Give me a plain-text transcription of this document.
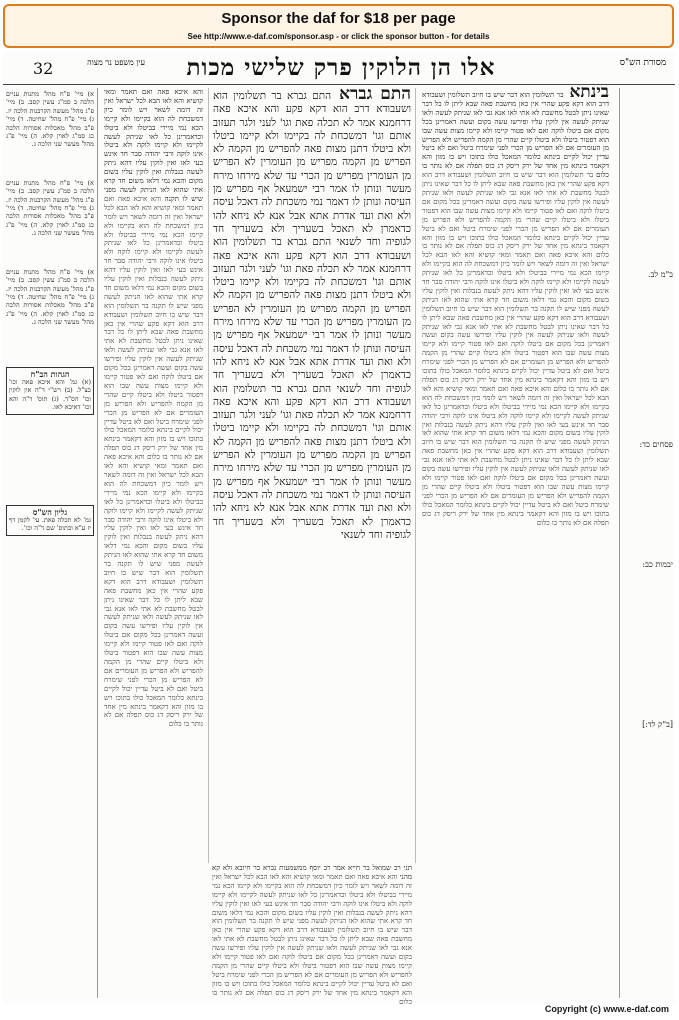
Sponsor the daf for $18 per page
See http://www.e-daf.com/sponsor.asp - or click the sponsor button - for details
מסורת הש"ס
אלו הן הלוקין פרק שלישי מכות
עין משפט נר מצוה
32
ב"מ לב.
פסחים כד:
יבמות כב:
[ב"ק לד:]
בינתא בר תשלומין הוא דבר שיש בו חיוב תשלומין ושעבודא דרב הוא דקא פקע שהרי אין כאן מחשבת פאה שבא ליתן לו כל דבר שאינו ניתן לבטל מחשבת לא אתי לאו אנא גבי לאו שניתק לעשה ולאו שניתק לעשה אין לוקין עליו ופירשו עשה בקום ועשה דאמרינן בכל מקום אם ביטלו לוקה ואם לאו פטור קיימו ולא קיימו מצות עשה שבו הוא דפטור ביטלו ולא ביטלו קיים שהרי מן הקמה להפריש ולא הפריש מן העומרים אם לא הפריש מן הכרי לפני שימרח ביטל ואם לא ביטל עדיין יכול לקיים בינתא כלומר המאכל כולו בתוכו ויש בו מזון והא דקאמר בינתא מין אחד של ירק ריסק דג כוס תפלה אם לא נותר בו כלום בר תשלומין הוא דבר שיש בו חיוב תשלומין ושעבודא דרב הוא דקא פקע שהרי אין כאן מחשבת פאה שבא ליתן לו כל דבר שאינו ניתן לבטל מחשבת לא אתי לאו אנא גבי לאו שניתק לעשה ולאו שניתק לעשה אין לוקין עליו ופירשו עשה בקום ועשה דאמרינן בכל מקום אם ביטלו לוקה ואם לאו פטור קיימו ולא קיימו מצות עשה שבו הוא דפטור ביטלו ולא ביטלו קיים שהרי מן הקמה להפריש ולא הפריש מן העומרים אם לא הפריש מן הכרי לפני שימרח ביטל ואם לא ביטל עדיין יכול לקיים בינתא כלומר המאכל כולו בתוכו ויש בו מזון והא דקאמר בינתא מין אחד של ירק ריסק דג כוס תפלה אם לא נותר בו כלום והא איכא פאה ואם תאמר ומאי קושיא והא לאו הבא לכל ישראל ואין זה דומה לשאר ויש לומר כיון דמשכחת לה הוא בקיימו ולא קיימו הכא נמי מיירי בביטלו ולא ביטלו וכדאמרינן כל לאו שניתק לעשה לקיימו ולא קיימו לוקה ולא ביטלו אינו לוקה ורבי יהודה סבר חד אינש בעי לאו ואין לוקין עליו דהא ניתק לעשה בנבלות ואין לוקין עליו בשום מקום והכא נמי דלאו משום חד קרא אתי שהוא לאו הניתק לעשה מפני שיש לו תקנה בר תשלומין הוא דבר שיש בו חיוב תשלומין ושעבודא דרב הוא דקא פקע שהרי אין כאן מחשבת פאה שבא ליתן לו כל דבר שאינו ניתן לבטל מחשבת לא אתי לאו אנא גבי לאו שניתק לעשה ולאו שניתק לעשה אין לוקין עליו ופירשו עשה בקום ועשה דאמרינן בכל מקום אם ביטלו לוקה ואם לאו פטור קיימו ולא קיימו מצות עשה שבו הוא דפטור ביטלו ולא ביטלו קיים שהרי מן הקמה להפריש ולא הפריש מן העומרים אם לא הפריש מן הכרי לפני שימרח ביטל ואם לא ביטל עדיין יכול לקיים בינתא כלומר המאכל כולו בתוכו ויש בו מזון והא דקאמר בינתא מין אחד של ירק ריסק דג כוס תפלה אם לא נותר בו כלום והא איכא פאה ואם תאמר ומאי קושיא והא לאו הבא לכל ישראל ואין זה דומה לשאר ויש לומר כיון דמשכחת לה הוא בקיימו ולא קיימו הכא נמי מיירי בביטלו ולא ביטלו וכדאמרינן כל לאו שניתק לעשה לקיימו ולא קיימו לוקה ולא ביטלו אינו לוקה ורבי יהודה סבר חד אינש בעי לאו ואין לוקין עליו דהא ניתק לעשה בנבלות ואין לוקין עליו בשום מקום והכא נמי דלאו משום חד קרא אתי שהוא לאו הניתק לעשה מפני שיש לו תקנה בר תשלומין הוא דבר שיש בו חיוב תשלומין ושעבודא דרב הוא דקא פקע שהרי אין כאן מחשבת פאה שבא ליתן לו כל דבר שאינו ניתן לבטל מחשבת לא אתי לאו אנא גבי לאו שניתק לעשה ולאו שניתק לעשה אין לוקין עליו ופירשו עשה בקום ועשה דאמרינן בכל מקום אם ביטלו לוקה ואם לאו פטור קיימו ולא קיימו מצות עשה שבו הוא דפטור ביטלו ולא ביטלו קיים שהרי מן הקמה להפריש ולא הפריש מן העומרים אם לא הפריש מן הכרי לפני שימרח ביטל ואם לא ביטל עדיין יכול לקיים בינתא כלומר המאכל כולו בתוכו ויש בו מזון והא דקאמר בינתא מין אחד של ירק ריסק דג כוס תפלה אם לא נותר בו כלום
התם גברא התם גברא בר תשלומין הוא ושעבודא דרב הוא דקא פקע והא איכא פאה דרחמנא אמר לא תכלה פאת וגו' לעני ולגר תעזוב אותם וגו' דמשכחת לה בקיימו ולא קיימו ביטלו ולא ביטלו דתנן מצות פאה להפריש מן הקמה לא הפריש מן הקמה מפריש מן העומרין לא הפריש מן העומרין מפריש מן הכרי עד שלא מירחו מירח מעשר ונותן לו אמר רבי ישמעאל אף מפריש מן העיסה ונותן לו דאמר נמי משכחת לה דאכל עיסה ולא ואת ועד אדרת אתא אבל אנא לא ניחא להו כדאמרן לא תאכל בשעריך ולא בשעריך חד לגופיה וחד לשנאי התם גברא בר תשלומין הוא ושעבודא דרב הוא דקא פקע והא איכא פאה דרחמנא אמר לא תכלה פאת וגו' לעני ולגר תעזוב אותם וגו' דמשכחת לה בקיימו ולא קיימו ביטלו ולא ביטלו דתנן מצות פאה להפריש מן הקמה לא הפריש מן הקמה מפריש מן העומרין לא הפריש מן העומרין מפריש מן הכרי עד שלא מירחו מירח מעשר ונותן לו אמר רבי ישמעאל אף מפריש מן העיסה ונותן לו דאמר נמי משכחת לה דאכל עיסה ולא ואת ועד אדרת אתא אבל אנא לא ניחא להו כדאמרן לא תאכל בשעריך ולא בשעריך חד לגופיה וחד לשנאי התם גברא בר תשלומין הוא ושעבודא דרב הוא דקא פקע והא איכא פאה דרחמנא אמר לא תכלה פאת וגו' לעני ולגר תעזוב אותם וגו' דמשכחת לה בקיימו ולא קיימו ביטלו ולא ביטלו דתנן מצות פאה להפריש מן הקמה לא הפריש מן הקמה מפריש מן העומרין לא הפריש מן העומרין מפריש מן הכרי עד שלא מירחו מירח מעשר ונותן לו אמר רבי ישמעאל אף מפריש מן העיסה ונותן לו דאמר נמי משכחת לה דאכל עיסה ולא ואת ועד אדרת אתא אבל אנא לא ניחא להו כדאמרן לא תאכל בשעריך ולא בשעריך חד לגופיה וחד לשנאי
תני רב שמואל בר חייא אמר רב יוסף ממשמעות גברא בר חיובא ולא קא מהני והא איכא פאה ואם תאמר ומאי קושיא והא לאו הבא לכל ישראל ואין זה דומה לשאר ויש לומר כיון דמשכחת לה הוא בקיימו ולא קיימו הכא נמי מיירי בביטלו ולא ביטלו וכדאמרינן כל לאו שניתק לעשה לקיימו ולא קיימו לוקה ולא ביטלו אינו לוקה ורבי יהודה סבר חד אינש בעי לאו ואין לוקין עליו דהא ניתק לעשה בנבלות ואין לוקין עליו בשום מקום והכא נמי דלאו משום חד קרא אתי שהוא לאו הניתק לעשה מפני שיש לו תקנה בר תשלומין הוא דבר שיש בו חיוב תשלומין ושעבודא דרב הוא דקא פקע שהרי אין כאן מחשבת פאה שבא ליתן לו כל דבר שאינו ניתן לבטל מחשבת לא אתי לאו אנא גבי לאו שניתק לעשה ולאו שניתק לעשה אין לוקין עליו ופירשו עשה בקום ועשה דאמרינן בכל מקום אם ביטלו לוקה ואם לאו פטור קיימו ולא קיימו מצות עשה שבו הוא דפטור ביטלו ולא ביטלו קיים שהרי מן הקמה להפריש ולא הפריש מן העומרים אם לא הפריש מן הכרי לפני שימרח ביטל ואם לא ביטל עדיין יכול לקיים בינתא כלומר המאכל כולו בתוכו ויש בו מזון והא דקאמר בינתא מין אחד של ירק ריסק דג כוס תפלה אם לא נותר בו כלום
והא איכא פאה ואם תאמר ומאי קושיא והא לאו הבא לכל ישראל ואין זה דומה לשאר ויש לומר כיון דמשכחת לה הוא בקיימו ולא קיימו הכא נמי מיירי בביטלו ולא ביטלו וכדאמרינן כל לאו שניתק לעשה לקיימו ולא קיימו לוקה ולא ביטלו אינו לוקה ורבי יהודה סבר חד אינש בעי לאו ואין לוקין עליו דהא ניתק לעשה בנבלות ואין לוקין עליו בשום מקום והכא נמי דלאו משום חד קרא אתי שהוא לאו הניתק לעשה מפני שיש לו תקנה והא איכא פאה ואם תאמר ומאי קושיא והא לאו הבא לכל ישראל ואין זה דומה לשאר ויש לומר כיון דמשכחת לה הוא בקיימו ולא קיימו הכא נמי מיירי בביטלו ולא ביטלו וכדאמרינן כל לאו שניתק לעשה לקיימו ולא קיימו לוקה ולא ביטלו אינו לוקה ורבי יהודה סבר חד אינש בעי לאו ואין לוקין עליו דהא ניתק לעשה בנבלות ואין לוקין עליו בשום מקום והכא נמי דלאו משום חד קרא אתי שהוא לאו הניתק לעשה מפני שיש לו תקנה בר תשלומין הוא דבר שיש בו חיוב תשלומין ושעבודא דרב הוא דקא פקע שהרי אין כאן מחשבת פאה שבא ליתן לו כל דבר שאינו ניתן לבטל מחשבת לא אתי לאו אנא גבי לאו שניתק לעשה ולאו שניתק לעשה אין לוקין עליו ופירשו עשה בקום ועשה דאמרינן בכל מקום אם ביטלו לוקה ואם לאו פטור קיימו ולא קיימו מצות עשה שבו הוא דפטור ביטלו ולא ביטלו קיים שהרי מן הקמה להפריש ולא הפריש מן העומרים אם לא הפריש מן הכרי לפני שימרח ביטל ואם לא ביטל עדיין יכול לקיים בינתא כלומר המאכל כולו בתוכו ויש בו מזון והא דקאמר בינתא מין אחד של ירק ריסק דג כוס תפלה אם לא נותר בו כלום והא איכא פאה ואם תאמר ומאי קושיא והא לאו הבא לכל ישראל ואין זה דומה לשאר ויש לומר כיון דמשכחת לה הוא בקיימו ולא קיימו הכא נמי מיירי בביטלו ולא ביטלו וכדאמרינן כל לאו שניתק לעשה לקיימו ולא קיימו לוקה ולא ביטלו אינו לוקה ורבי יהודה סבר חד אינש בעי לאו ואין לוקין עליו דהא ניתק לעשה בנבלות ואין לוקין עליו בשום מקום והכא נמי דלאו משום חד קרא אתי שהוא לאו הניתק לעשה מפני שיש לו תקנה בר תשלומין הוא דבר שיש בו חיוב תשלומין ושעבודא דרב הוא דקא פקע שהרי אין כאן מחשבת פאה שבא ליתן לו כל דבר שאינו ניתן לבטל מחשבת לא אתי לאו אנא גבי לאו שניתק לעשה ולאו שניתק לעשה אין לוקין עליו ופירשו עשה בקום ועשה דאמרינן בכל מקום אם ביטלו לוקה ואם לאו פטור קיימו ולא קיימו מצות עשה שבו הוא דפטור ביטלו ולא ביטלו קיים שהרי מן הקמה להפריש ולא הפריש מן העומרים אם לא הפריש מן הכרי לפני שימרח ביטל ואם לא ביטל עדיין יכול לקיים בינתא כלומר המאכל כולו בתוכו ויש בו מזון והא דקאמר בינתא מין אחד של ירק ריסק דג כוס תפלה אם לא נותר בו כלום
א) מיי' פ"ח מהל' מתנות עניים הלכה ב סמ"ג עשין קסב. ב) מיי' פ"ג מהל' מעשה הקרבנות הלכה יז. ג) מיי' פ"ח מהל' שחיטה. ד) מיי' פ"ב מהל' מאכלות אסורות הלכה כג סמ"ג לאוין קלא. ה) מיי' פ"ג מהל' מעשר שני הלכה ג.
א) מיי' פ"ח מהל' מתנות עניים הלכה ב סמ"ג עשין קסב. ב) מיי' פ"ג מהל' מעשה הקרבנות הלכה יז. ג) מיי' פ"ח מהל' שחיטה. ד) מיי' פ"ב מהל' מאכלות אסורות הלכה כג סמ"ג לאוין קלא. ה) מיי' פ"ג מהל' מעשר שני הלכה ג.
א) מיי' פ"ח מהל' מתנות עניים הלכה ב סמ"ג עשין קסב. ב) מיי' פ"ג מהל' מעשה הקרבנות הלכה יז. ג) מיי' פ"ח מהל' שחיטה. ד) מיי' פ"ב מהל' מאכלות אסורות הלכה כג סמ"ג לאוין קלא. ה) מיי' פ"ג מהל' מעשר שני הלכה ג.
הגהות הב"ח
(א) גמ' והא איכא פאה וכו' כצ"ל. (ב) רש"י ד"ה אין לוקין וכו' הס"ד. (ג) תוס' ד"ה והא וכו' דאיכא לאו.
גליון הש"ס
גמ' לא תכלה פאת. עי' לקמן דף יז ע"א ובתוס' שם ד"ה וכו'.
Copyright (c) www.e-daf.com
